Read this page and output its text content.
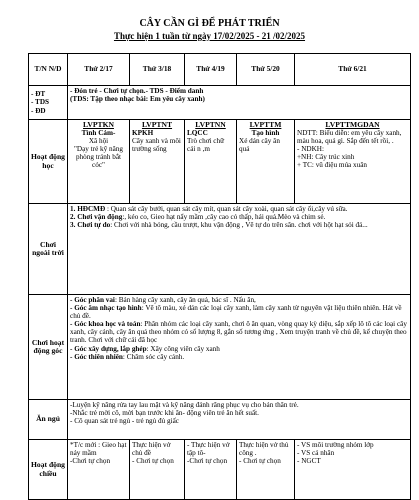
CÂY CẦN GÌ ĐỂ PHÁT TRIỂN
Thực hiện 1 tuần từ ngày 17/02/2025 - 21 /02/2025
T/N N/D	Thứ 2/17	Thứ 3/18	Thứ 4/19	Thứ 5/20	Thứ 6/21

- ĐT
- TDS
- ĐD	- Đón trẻ - Chơi tự chọn.- TDS - Điểm danh
(TDS: Tập theo nhạc bài: Em yêu cây xanh)				

Hoạt động học	LVPTKN
Tình Cảm-
Xã hội
"Dạy trẻ kỹ năng phòng tránh bắt cóc"	LVPTNT
KPKH
Cây xanh và môi trường sống	LVPTNN
LQCC
Trò chơi chữ cái n ,m	LVPTTM
Tạo hình
Xé dán cây ăn quả	LVPTTMGDAN
NDTT: Biểu diễn: em yêu cây xanh, màu hoa, quả gì. Sắp đến tết rồi, .
- NDKH:
+NH: Cây trúc xinh
+ TC: vũ điệu múa xuân

Chơi ngoài trời	1. HĐCMĐ : Quan sát cây bưởi, quan sát cây mít, quan sát cây xoài, quan sát cây ổi,cây vú sữa.
2. Chơi vận động:, kéo co, Gieo hạt nẩy mầm ,cây cao cỏ thấp, hái quả.Mèo và chim sẻ.
3. Chơi tự do: Chơi với nhà bóng, cầu trượt, khu vận động , Vẽ tự do trên sân. chơi với hột hạt sỏi đá...				

Chơi hoạt động góc	- Góc phân vai: Bán hàng cây xanh, cây ăn quả, bác sĩ . Nấu ăn,
- Góc âm nhạc tạo hình: Vẽ tô màu, xé dán các loại cây xanh, làm cây xanh từ nguyên vật liệu thiên nhiên. Hát về chủ đề.
- Góc khoa học và toán: Phân nhóm các loại cây xanh, chơi ô ăn quan, vòng quay kỳ diệu, sắp xếp lô tô các loại cây xanh, cây cảnh, cây ăn quả theo nhóm có số lượng 8, gắn số tương ứng , Xem truyện tranh về chủ đề, kể chuyện theo tranh. Chơi với chữ cái đã học
- Góc xây dựng, lắp ghép: Xây công viên cây xanh
- Góc thiên nhiên: Chăm sóc cây cảnh.				

Ăn ngủ	-Luyện kỹ năng rửa tay lau mặt và kỹ năng đánh răng phục vụ cho bản thân trẻ.
-Nhắc trẻ mời cô, mời bạn trước khi ăn- động viên trẻ ăn hết suất.
- Cô quan sát trẻ ngủ - trẻ ngủ đủ giấc				

Hoạt động chiều	*T/c mới : Gieo hạt nảy mầm
-Chơi tự chọn	Thực hiện vở chủ đề
- Chơi tự chọn	- Thực hiện vở tập tô-
-Chơi tự chọn	Thực hiện vở thủ công .
- Chơi tự chọn	- VS môi trường nhóm lớp
- VS cá nhân
- NGCT
